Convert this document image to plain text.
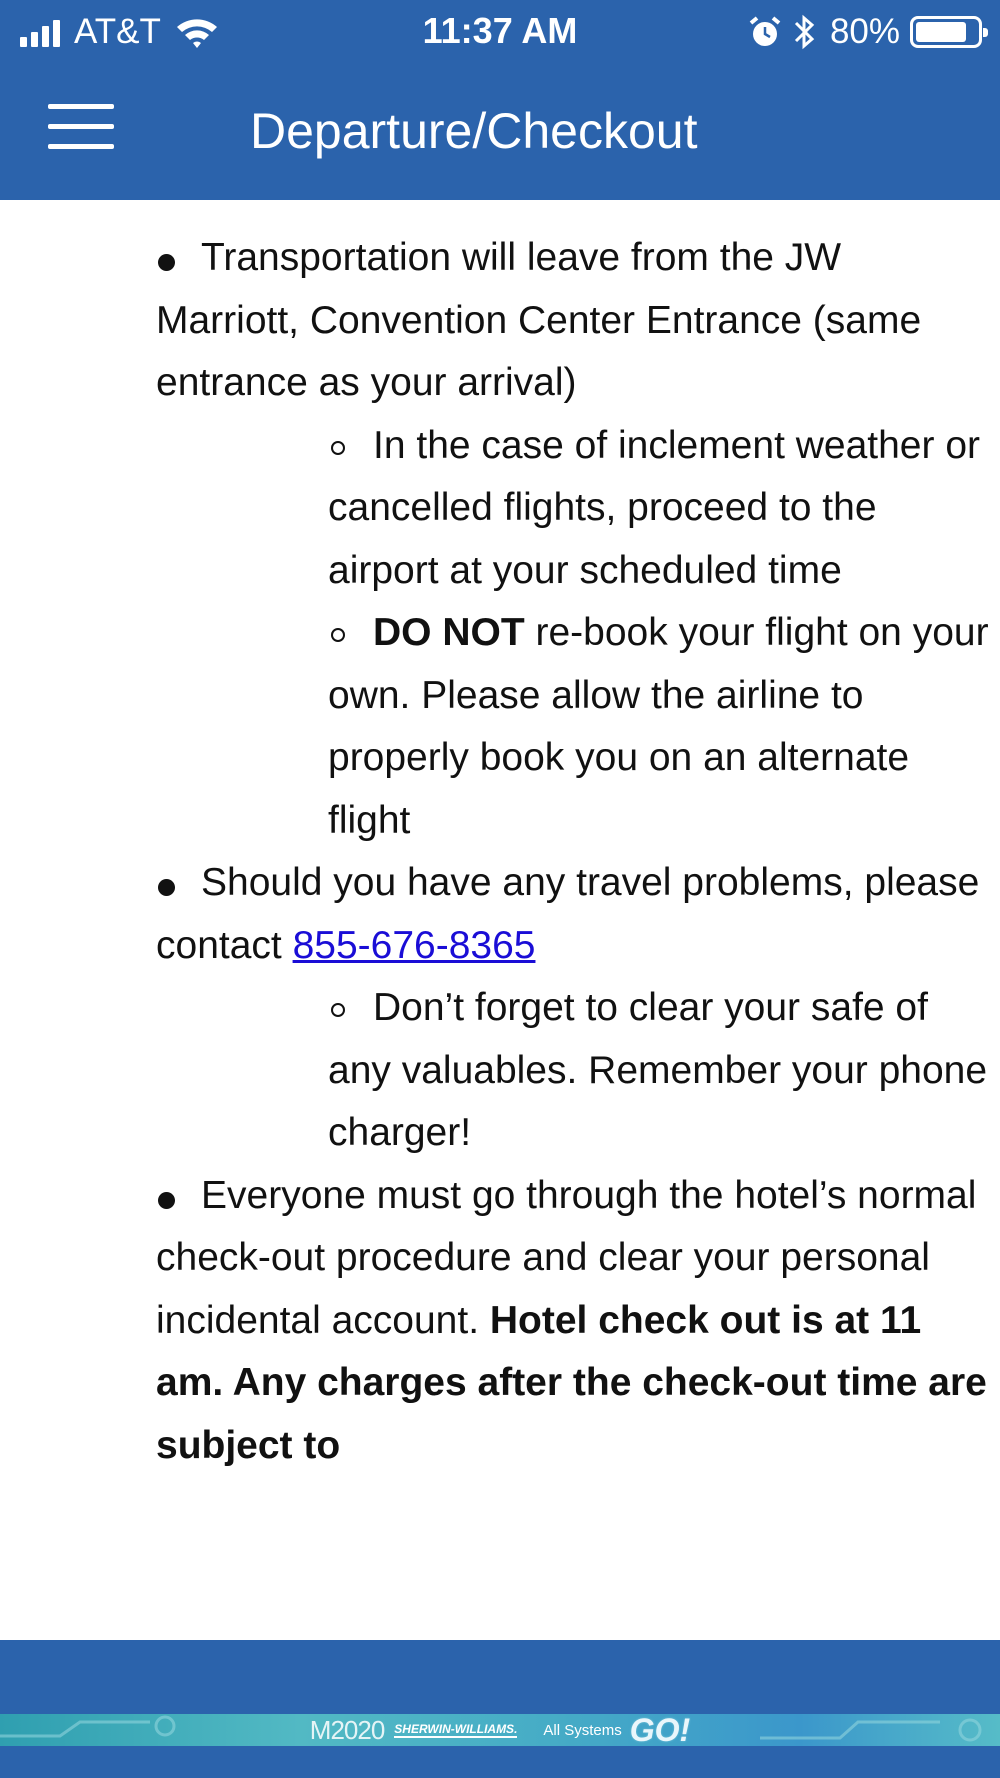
AT&T	11:37 AM	80%
Departure/Checkout
Transportation will leave from the JW Marriott, Convention Center Entrance (same entrance as your arrival)
In the case of inclement weather or cancelled flights, proceed to the airport at your scheduled time
DO NOT re-book your flight on your own. Please allow the airline to properly book you on an alternate flight
Should you have any travel problems, please contact 855-676-8365
Don’t forget to clear your safe of any valuables. Remember your phone charger!
Everyone must go through the hotel’s normal check-out procedure and clear your personal incidental account. Hotel check out is at 11 am. Any charges after the check-out time are subject to
M2020 SHERWIN-WILLIAMS. All Systems GO!
